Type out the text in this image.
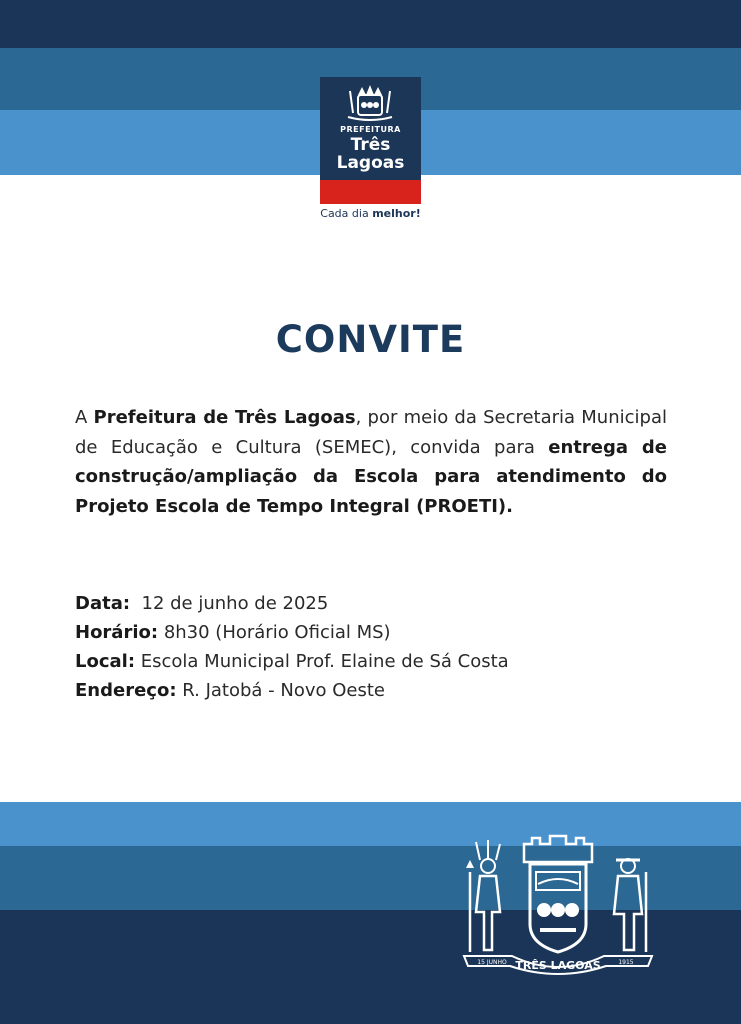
PREFEITURA
Três
Lagoas
Cada dia melhor!
CONVITE
A Prefeitura de Três Lagoas, por meio da Secretaria Municipal de Educação e Cultura (SEMEC), convida para entrega de construção/ampliação da Escola para atendimento do Projeto Escola de Tempo Integral (PROETI).
Data: 12 de junho de 2025
Horário: 8h30 (Horário Oficial MS)
Local: Escola Municipal Prof. Elaine de Sá Costa
Endereço: R. Jatobá - Novo Oeste
15 JUNHO TRÊS LAGOAS	1915
